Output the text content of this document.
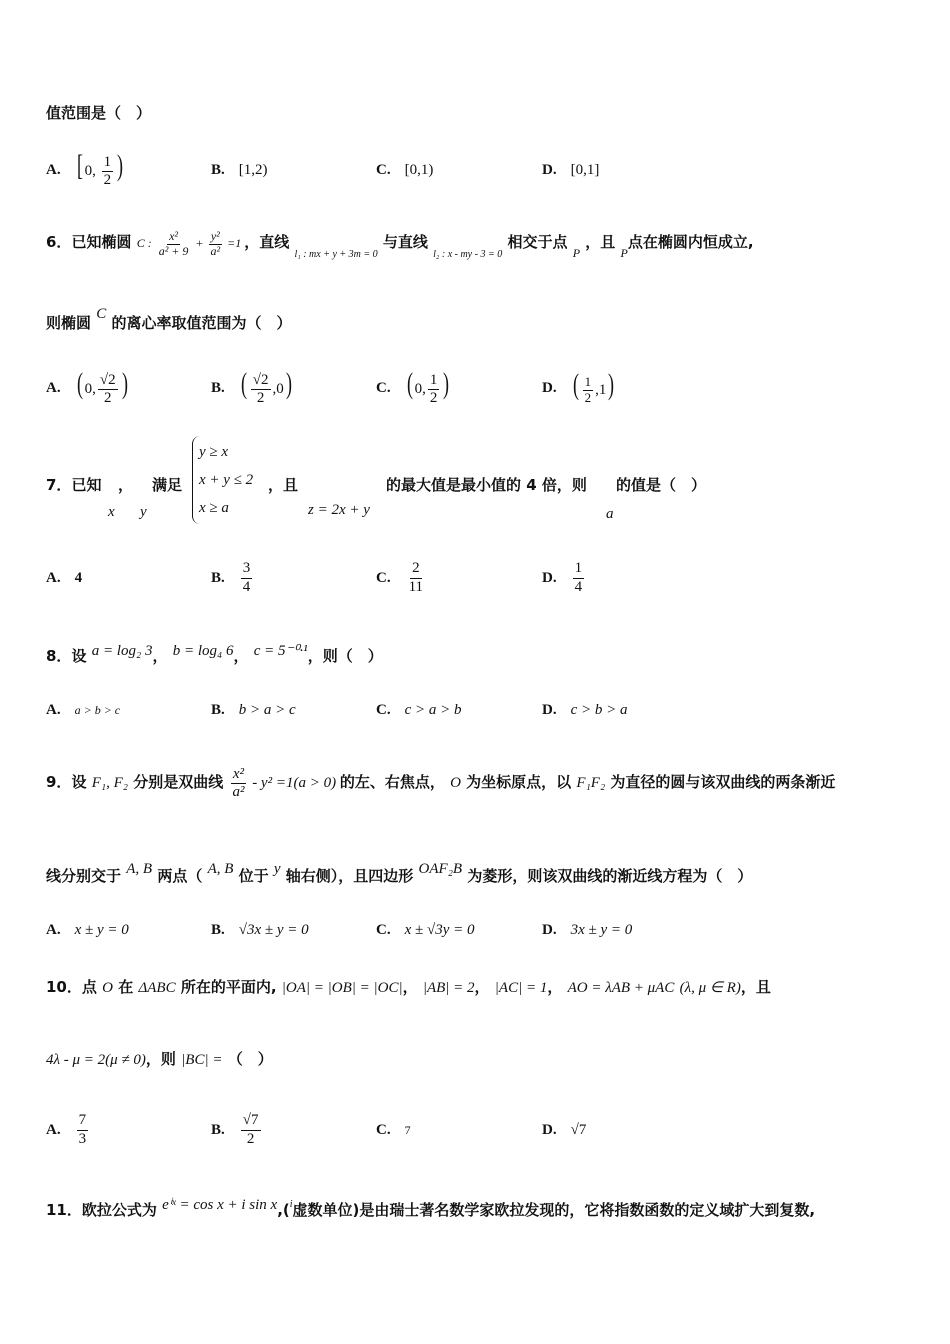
值范围是（　）
A. [ 0, $\frac{1}{2}$ )	B. [1,2)	C. [0,1)	D. [0,1]
6．已知椭圆 C : $\frac{\text{x²}}{\text{a² + 9}} + \frac{\text{y²}}{\text{a²}} =1$ ，直线 $_{l_1 : mx + y + 3m = 0}$ 与直线 $_{l_2 : x - my - 3 = 0}$ 相交于点 $_P$ ，且 $_P$点在椭圆内恒成立,
则椭圆 C 的离心率取值范围为（　）
A. ( 0, $\frac{√2}{2}$ )	B. ( $\frac{√2}{2} ,0$)	C. ( 0, $\frac{1}{2}$ )	D. ( $\frac{1}{2} ,1$)
7．已知
x
，
y
满足
y ≥ x
x + y ≤ 2
x ≥ a
，且
z = 2x + y
的最大值是最小值的 4 倍，则
a
的值是（　）
A. 4	B. $\frac{3}{4}$	C. $\frac{2}{11}$	D. $\frac{1}{4}$
8．设 a = log₂ 3， b = log₄ 6， c = 5⁻⁰·¹，则（　）
A. a > b > c	B. b > a > c	C. c > a > b	D. c > b > a
9．设 F₁, F₂ 分别是双曲线 $\frac{\text{x²}}{\text{a²}} - y^2 =1(a > 0)$ 的左、右焦点， O 为坐标原点，以 F₁F₂ 为直径的圆与该双曲线的两条渐近
线分别交于 A, B 两点（ A, B 位于 y 轴右侧），且四边形 OAF₂B 为菱形，则该双曲线的渐近线方程为（　）
A. x ± y = 0	B. √3x ± y = 0	C. x ± √3y = 0	D. 3x ± y = 0
10．点 O 在 ΔABC 所在的平面内, |OA| = |OB| = |OC|， |AB| = 2， |AC| = 1， AO = λAB + μAC (λ, μ ∈ R)，且
4λ - μ = 2(μ ≠ 0)，则 |BC| = （　）
A. $\frac{7}{3}$	B. $\frac{√7}{2}$	C. 7	D. √7
11．欧拉公式为 eⁱˣ = cos x + i sin x,($^i$虚数单位)是由瑞士著名数学家欧拉发现的，它将指数函数的定义域扩大到复数,
